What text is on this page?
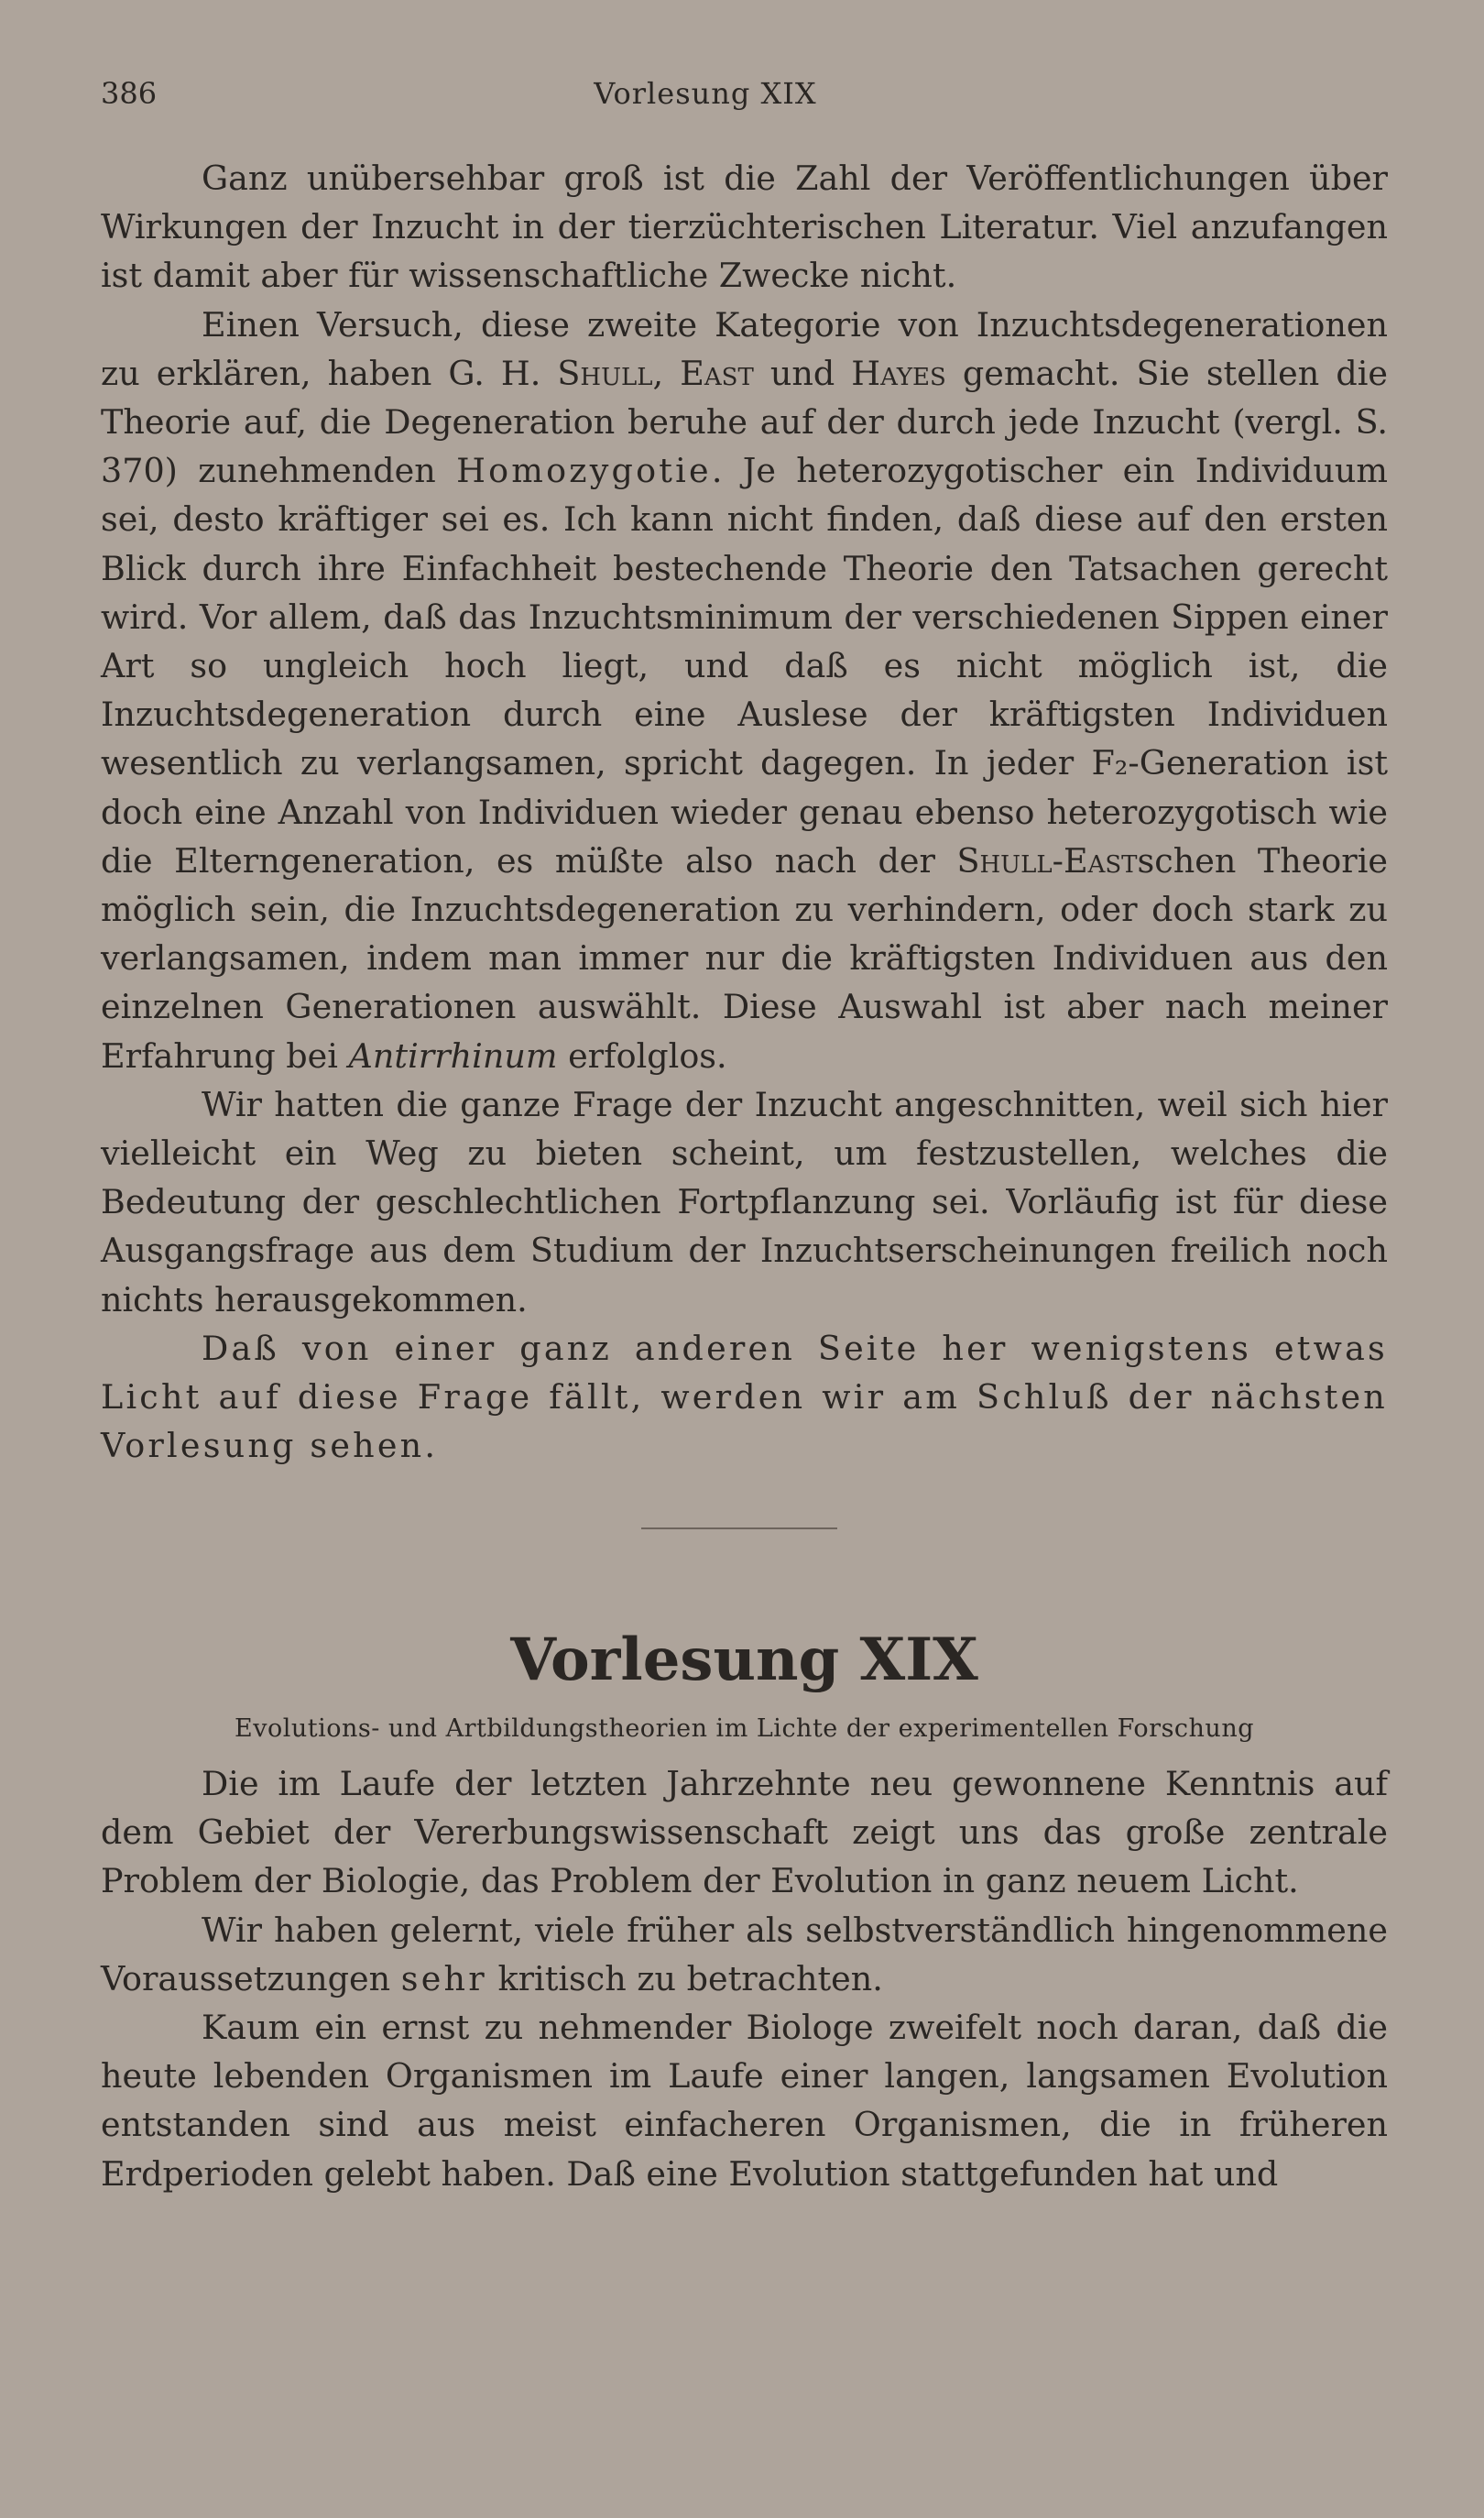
386	Vorlesung XIX

Ganz unübersehbar groß ist die Zahl der Veröffentlichungen über Wirkungen der Inzucht in der tierzüchterischen Literatur. Viel anzufangen ist damit aber für wissenschaftliche Zwecke nicht.

Einen Versuch, diese zweite Kategorie von Inzuchtsdegenerationen zu erklären, haben G. H. Shull, East und Hayes gemacht. Sie stellen die Theorie auf, die Degeneration beruhe auf der durch jede Inzucht (vergl. S. 370) zunehmenden Homozygotie. Je heterozygotischer ein Individuum sei, desto kräftiger sei es. Ich kann nicht finden, daß diese auf den ersten Blick durch ihre Einfachheit bestechende Theorie den Tatsachen gerecht wird. Vor allem, daß das Inzuchtsminimum der verschiedenen Sippen einer Art so ungleich hoch liegt, und daß es nicht möglich ist, die Inzuchtsdegeneration durch eine Auslese der kräftigsten Individuen wesentlich zu verlangsamen, spricht dagegen. In jeder F₂-Generation ist doch eine Anzahl von Individuen wieder genau ebenso heterozygotisch wie die Elterngeneration, es müßte also nach der Shull-Eastschen Theorie möglich sein, die Inzuchtsdegeneration zu verhindern, oder doch stark zu verlangsamen, indem man immer nur die kräftigsten Individuen aus den einzelnen Generationen auswählt. Diese Auswahl ist aber nach meiner Erfahrung bei Antirrhinum erfolglos.

Wir hatten die ganze Frage der Inzucht angeschnitten, weil sich hier vielleicht ein Weg zu bieten scheint, um festzustellen, welches die Bedeutung der geschlechtlichen Fortpflanzung sei. Vorläufig ist für diese Ausgangsfrage aus dem Studium der Inzuchtserscheinungen freilich noch nichts herausgekommen.

Daß von einer ganz anderen Seite her wenigstens etwas Licht auf diese Frage fällt, werden wir am Schluß der nächsten Vorlesung sehen.

Vorlesung XIX
Evolutions- und Artbildungstheorien im Lichte der experimentellen Forschung

Die im Laufe der letzten Jahrzehnte neu gewonnene Kenntnis auf dem Gebiet der Vererbungswissenschaft zeigt uns das große zentrale Problem der Biologie, das Problem der Evolution in ganz neuem Licht.

Wir haben gelernt, viele früher als selbstverständlich hingenommene Voraussetzungen sehr kritisch zu betrachten.

Kaum ein ernst zu nehmender Biologe zweifelt noch daran, daß die heute lebenden Organismen im Laufe einer langen, langsamen Evolution entstanden sind aus meist einfacheren Organismen, die in früheren Erdperioden gelebt haben. Daß eine Evolution stattgefunden hat und
